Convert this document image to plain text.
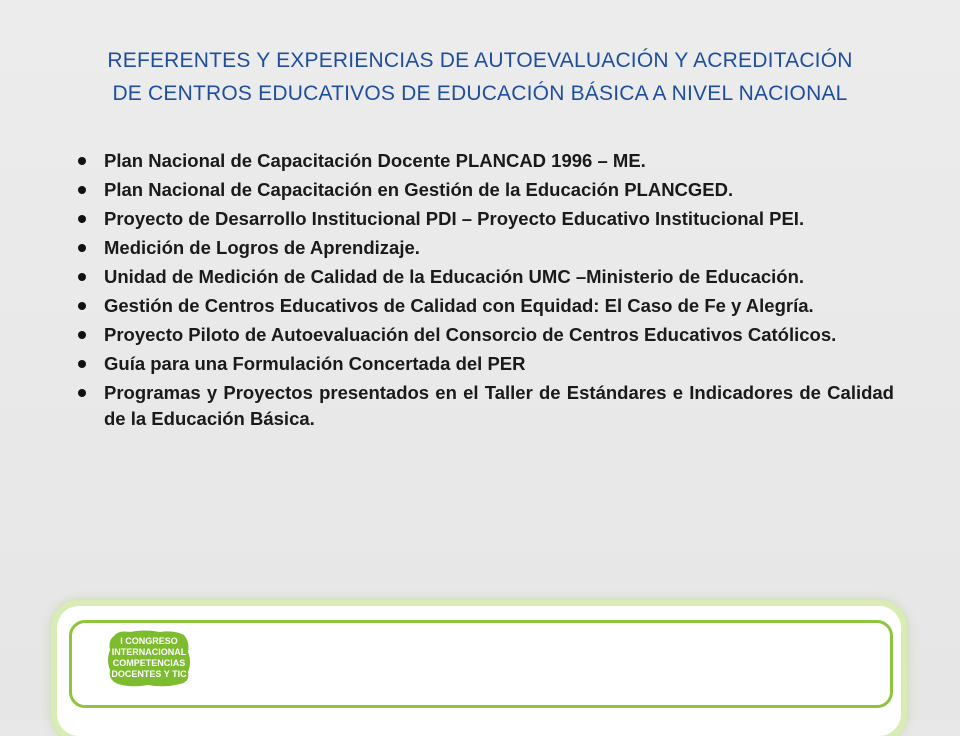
REFERENTES Y EXPERIENCIAS DE AUTOEVALUACIÓN Y ACREDITACIÓN
DE CENTROS EDUCATIVOS DE EDUCACIÓN BÁSICA A NIVEL NACIONAL
Plan Nacional de Capacitación Docente PLANCAD 1996 – ME.
Plan Nacional de Capacitación en Gestión de la Educación PLANCGED.
Proyecto de Desarrollo Institucional PDI – Proyecto Educativo Institucional PEI.
Medición de Logros de Aprendizaje.
Unidad de Medición de Calidad de la Educación UMC –Ministerio de Educación.
Gestión de Centros Educativos de Calidad con Equidad: El Caso de Fe y Alegría.
Proyecto Piloto de Autoevaluación del Consorcio de Centros Educativos Católicos.
Guía para una Formulación Concertada del PER
Programas y Proyectos presentados en el Taller de Estándares e Indicadores de Calidad de la Educación Básica.
I CONGRESO
INTERNACIONAL
COMPETENCIAS
DOCENTES Y TIC
